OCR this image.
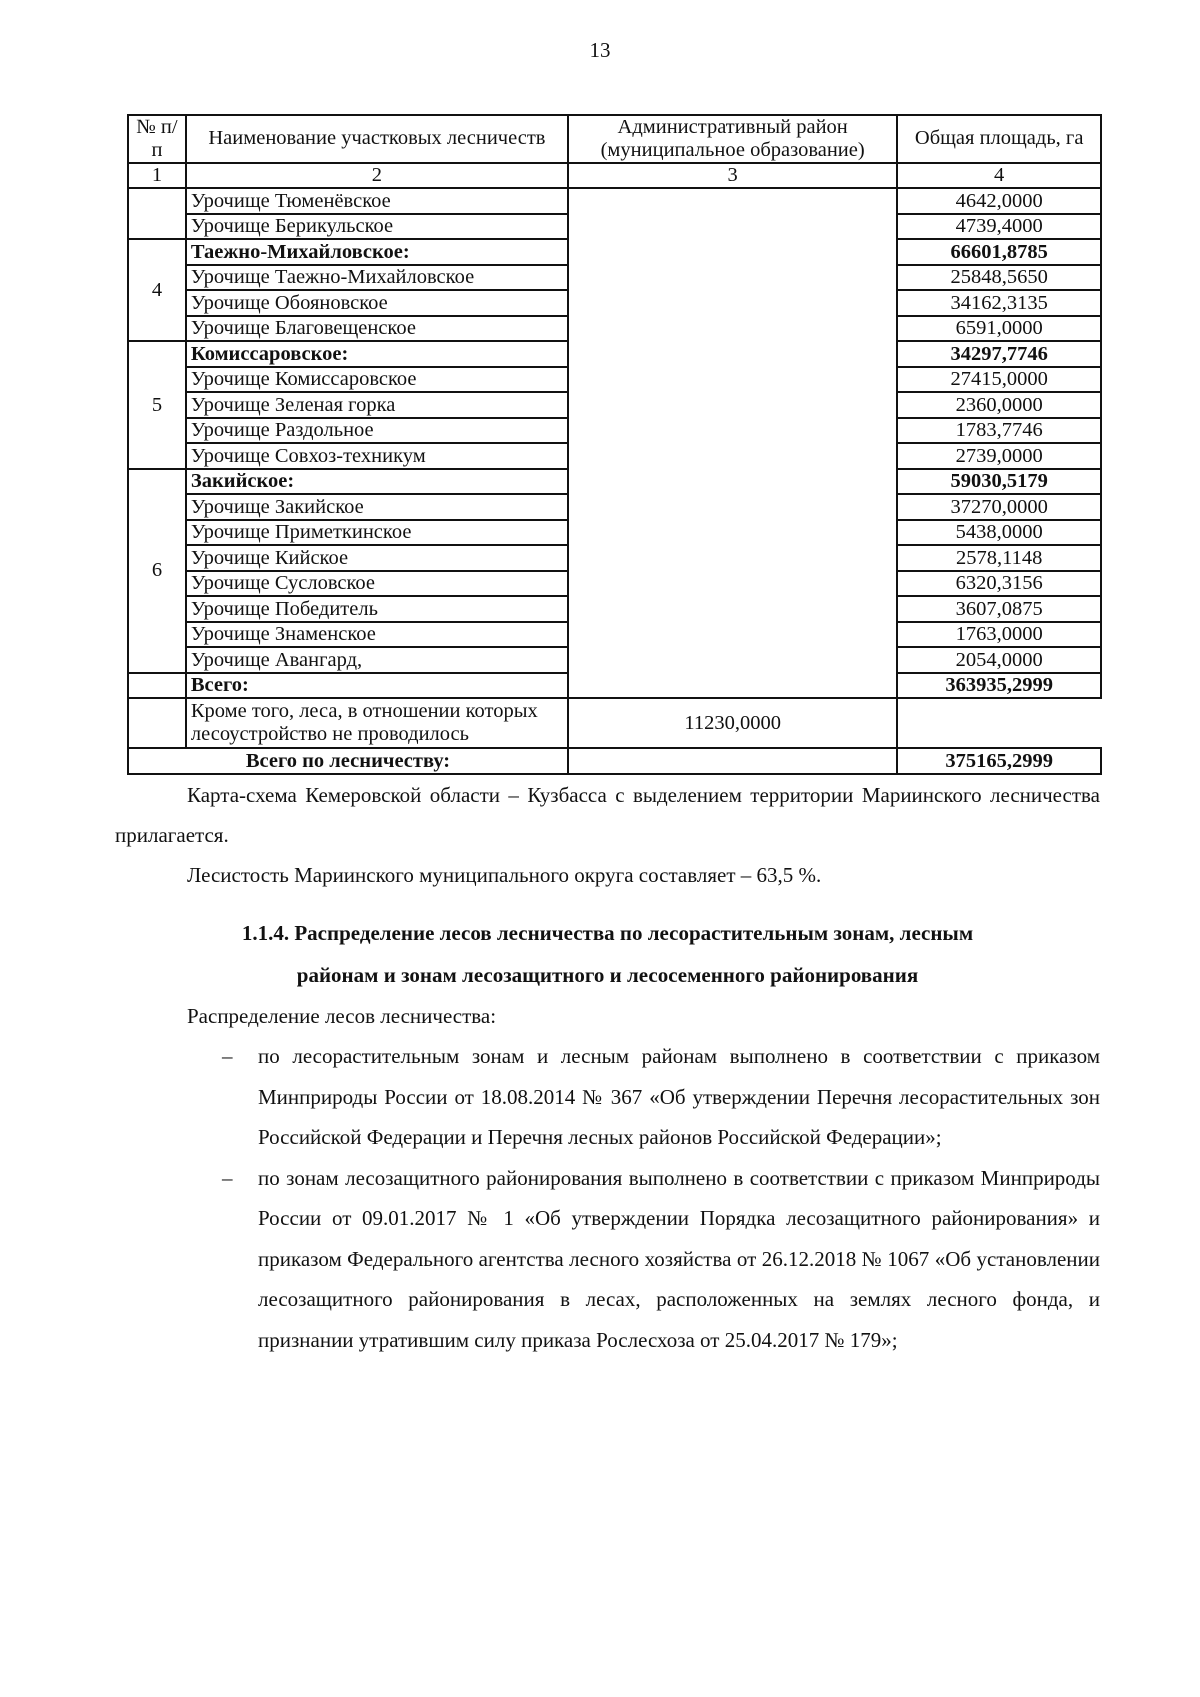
13
№ п/п	Наименование участковых лесничеств	Административный район (муниципальное образование)	Общая площадь, га
1	2	3	4
	Урочище Тюменёвское		4642,0000
	Урочище Берикульское		4739,4000
4	Таежно-Михайловское:		66601,8785
	Урочище Таежно-Михайловское		25848,5650
	Урочище Обояновское		34162,3135
	Урочище Благовещенское		6591,0000
5	Комиссаровское:		34297,7746
	Урочище Комиссаровское		27415,0000
	Урочище Зеленая горка		2360,0000
	Урочище Раздольное		1783,7746
	Урочище Совхоз-техникум		2739,0000
6	Закийское:		59030,5179
	Урочище Закийское		37270,0000
	Урочище Приметкинское		5438,0000
	Урочище Кийское		2578,1148
	Урочище Сусловское		6320,3156
	Урочище Победитель		3607,0875
	Урочище Знаменское		1763,0000
	Урочище Авангард,		2054,0000
	Всего:		363935,2999
	Кроме того, леса, в отношении которых лесоустройство не проводилось	11230,0000	
Всего по лесничеству:			375165,2999

Карта-схема Кемеровской области – Кузбасса с выделением территории Мариинского лесничества прилагается.

Лесистость Мариинского муниципального округа составляет – 63,5 %.

1.1.4. Распределение лесов лесничества по лесорастительным зонам, лесным

районам и зонам лесозащитного и лесосеменного районирования

Распределение лесов лесничества:

– по лесорастительным зонам и лесным районам выполнено в соответствии с приказом Минприроды России от 18.08.2014 № 367 «Об утверждении Перечня лесорастительных зон Российской Федерации и Перечня лесных районов Российской Федерации»;
– по зонам лесозащитного районирования выполнено в соответствии с приказом Минприроды России от 09.01.2017 № 1 «Об утверждении Порядка лесозащитного районирования» и приказом Федерального агентства лесного хозяйства от 26.12.2018 № 1067 «Об установлении лесозащитного районирования в лесах, расположенных на землях лесного фонда, и признании утратившим силу приказа Рослесхоза от 25.04.2017 № 179»;
